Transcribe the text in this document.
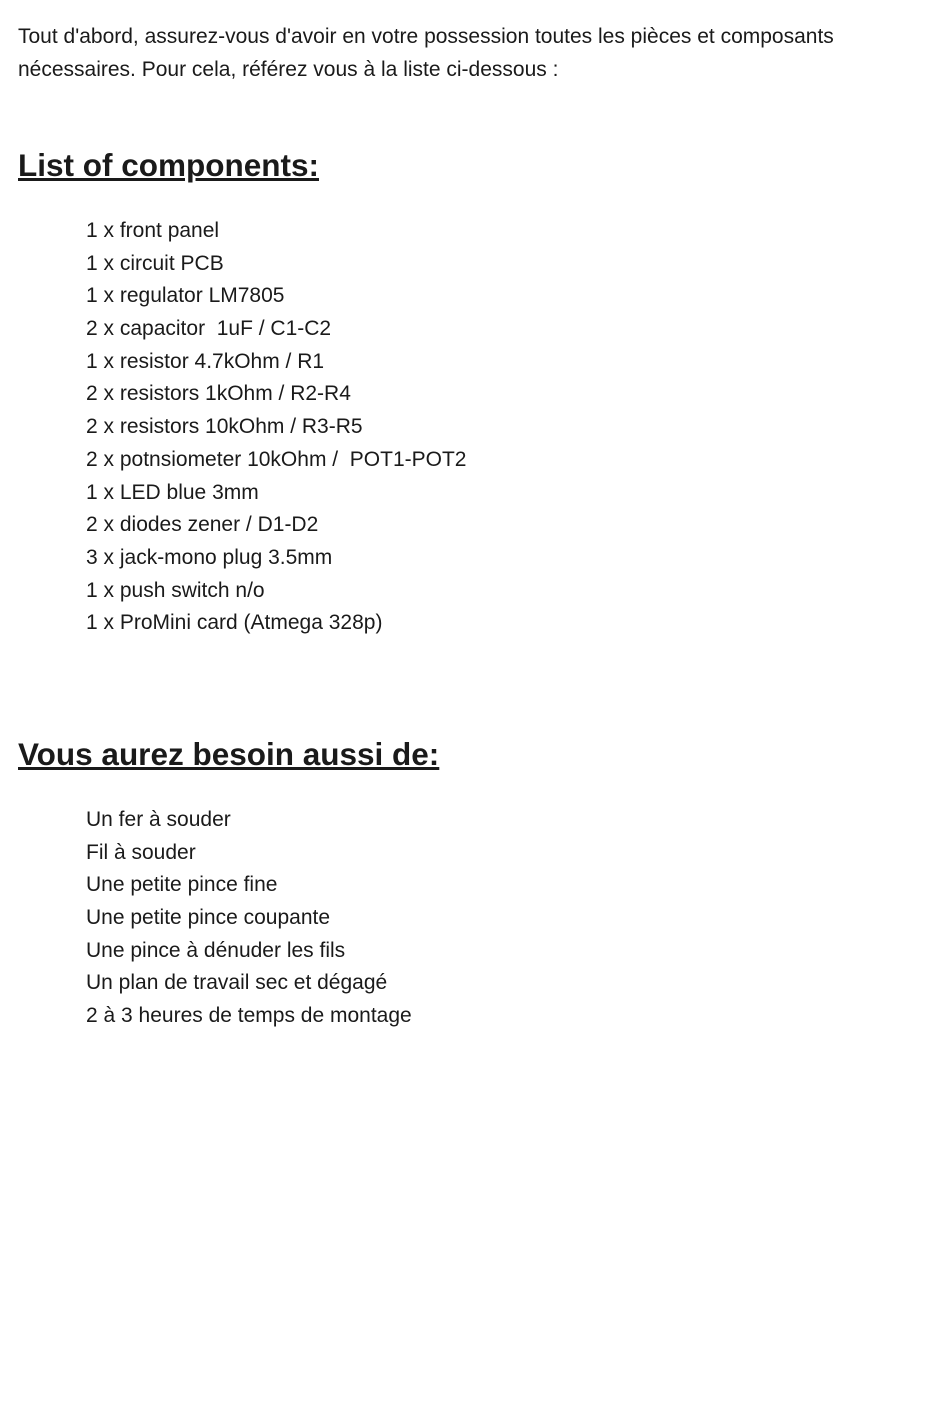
Tout d'abord, assurez-vous d'avoir en votre possession toutes les pièces et composants
nécessaires. Pour cela, référez vous à la liste ci-dessous :

List of components:
1 x front panel
1 x circuit PCB
1 x regulator LM7805
2 x capacitor  1uF / C1-C2
1 x resistor 4.7kOhm / R1
2 x resistors 1kOhm / R2-R4
2 x resistors 10kOhm / R3-R5
2 x potnsiometer 10kOhm /  POT1-POT2
1 x LED blue 3mm
2 x diodes zener / D1-D2
3 x jack-mono plug 3.5mm
1 x push switch n/o
1 x ProMini card (Atmega 328p)
Vous aurez besoin aussi de:
Un fer à souder
Fil à souder
Une petite pince fine
Une petite pince coupante
Une pince à dénuder les fils
Un plan de travail sec et dégagé
2 à 3 heures de temps de montage
